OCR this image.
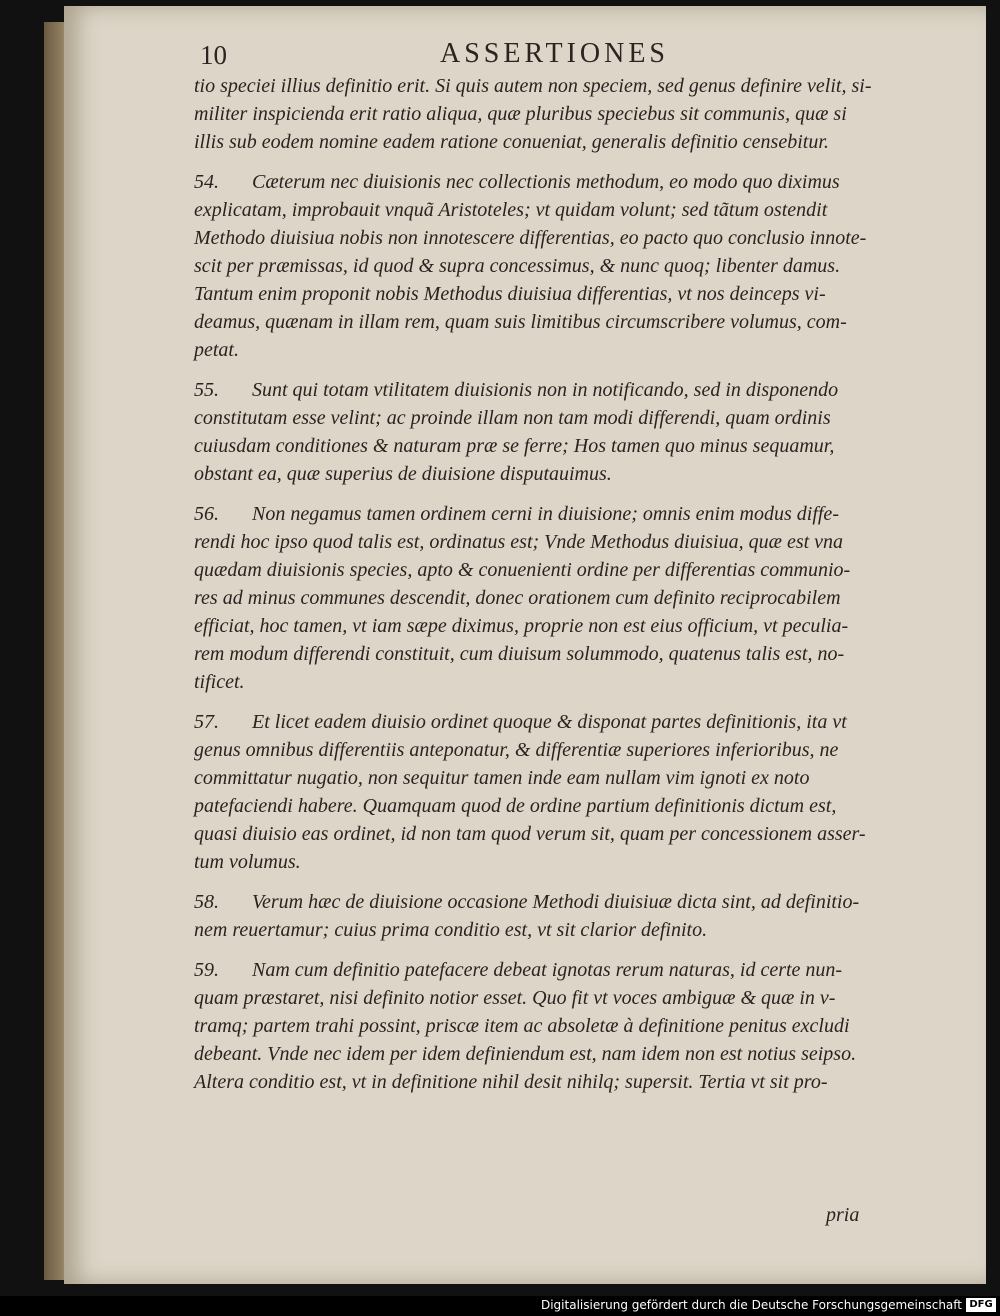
10	ASSERTIONES
tio speciei illius definitio erit. Si quis autem non speciem, sed genus definire velit, si-
militer inspicienda erit ratio aliqua, quæ pluribus speciebus sit communis, quæ si
illis sub eodem nomine eadem ratione conueniat, generalis definitio censebitur.
54. Cæterum nec diuisionis nec collectionis methodum, eo modo quo diximus
explicatam, improbauit vnquã Aristoteles; vt quidam volunt; sed tãtum ostendit
Methodo diuisiua nobis non innotescere differentias, eo pacto quo conclusio innote-
scit per præmissas, id quod & supra concessimus, & nunc quoq; libenter damus.
Tantum enim proponit nobis Methodus diuisiua differentias, vt nos deinceps vi-
deamus, quænam in illam rem, quam suis limitibus circumscribere volumus, com-
petat.
55. Sunt qui totam vtilitatem diuisionis non in notificando, sed in disponendo
constitutam esse velint; ac proinde illam non tam modi differendi, quam ordinis
cuiusdam conditiones & naturam præ se ferre; Hos tamen quo minus sequamur,
obstant ea, quæ superius de diuisione disputauimus.
56. Non negamus tamen ordinem cerni in diuisione; omnis enim modus diffe-
rendi hoc ipso quod talis est, ordinatus est; Vnde Methodus diuisiua, quæ est vna
quædam diuisionis species, apto & conuenienti ordine per differentias communio-
res ad minus communes descendit, donec orationem cum definito reciprocabilem
efficiat, hoc tamen, vt iam sæpe diximus, proprie non est eius officium, vt peculia-
rem modum differendi constituit, cum diuisum solummodo, quatenus talis est, no-
tificet.
57. Et licet eadem diuisio ordinet quoque & disponat partes definitionis, ita vt
genus omnibus differentiis anteponatur, & differentiæ superiores inferioribus, ne
committatur nugatio, non sequitur tamen inde eam nullam vim ignoti ex noto
patefaciendi habere. Quamquam quod de ordine partium definitionis dictum est,
quasi diuisio eas ordinet, id non tam quod verum sit, quam per concessionem asser-
tum volumus.
58. Verum hæc de diuisione occasione Methodi diuisiuæ dicta sint, ad definitio-
nem reuertamur; cuius prima conditio est, vt sit clarior definito.
59. Nam cum definitio patefacere debeat ignotas rerum naturas, id certe nun-
quam præstaret, nisi definito notior esset. Quo fit vt voces ambiguæ & quæ in v-
tramq; partem trahi possint, priscæ item ac absoletæ à definitione penitus excludi
debeant. Vnde nec idem per idem definiendum est, nam idem non est notius seipso.
Altera conditio est, vt in definitione nihil desit nihilq; supersit. Tertia vt sit pro-
pria
Digitalisierung gefördert durch die Deutsche Forschungsgemeinschaft DFG
